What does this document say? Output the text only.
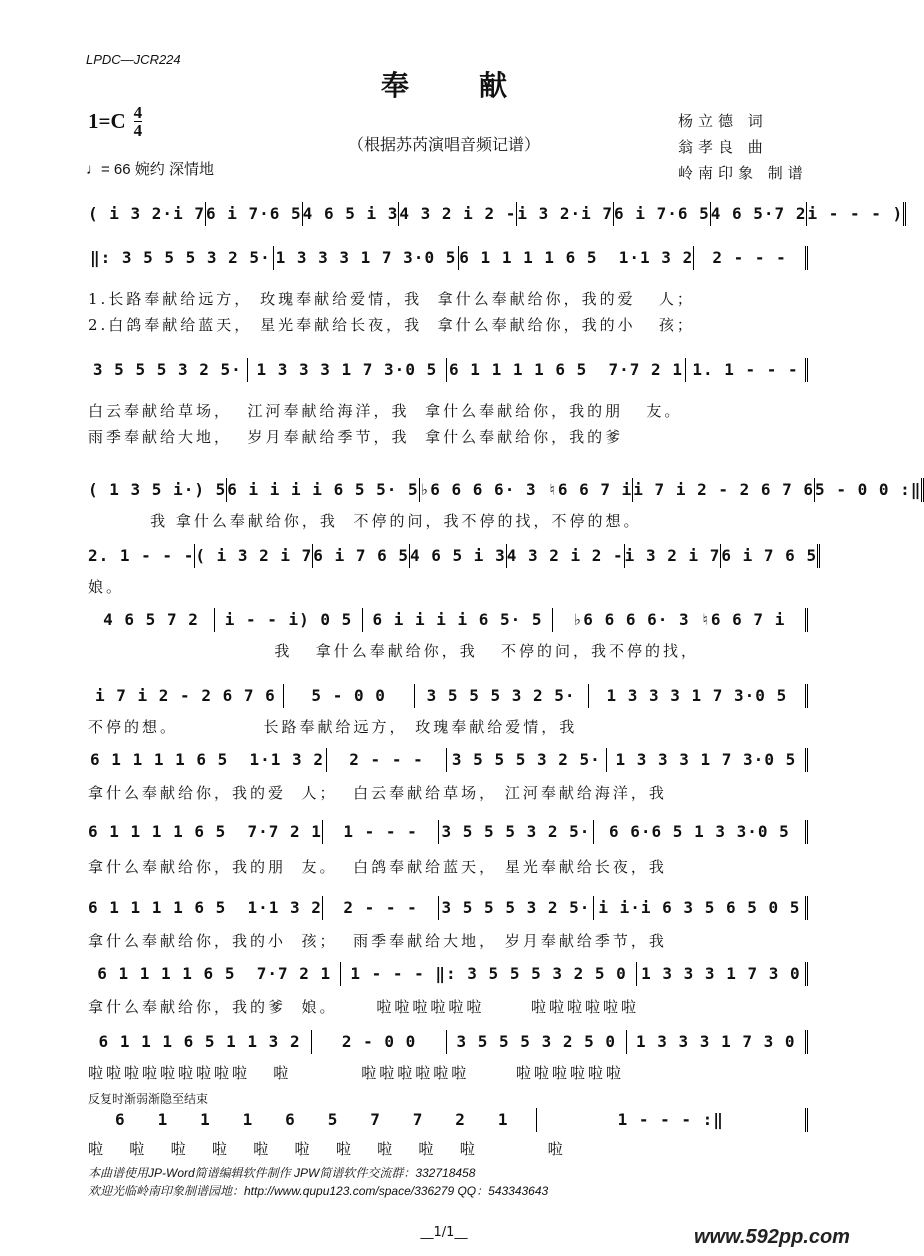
LPDC—JCR224
奉献
$1=C \frac{4}{4}$
（根据苏芮演唱音频记谱）
♩= 66 婉约 深情地
杨立德 词
翁孝良 曲
岭南印象 制谱
( i 3 2·i 7 6 i 7·6 5 4 6 5 i 3 4 3 2 i 2 - i 3 2·i 7 6 i 7·6 5 4 6 5·7 2 i - - - )
‖: 3 5 5 5 3 2 5· 1 3 3 3 1 7 3·0 5 6 1 1 1 1 6 5  1·1 3 2	2 - - -
1.长路奉献给远方， 玫瑰奉献给爱情，我  拿什么奉献给你，我的爱   人；
2.白鸽奉献给蓝天， 星光奉献给长夜，我  拿什么奉献给你，我的小   孩；
3 5 5 5 3 2 5· 1 3 3 3 1 7 3·0 5 6 1 1 1 1 6 5  7·7 2 1 1. 1 - - -
白云奉献给草场，  江河奉献给海洋，我  拿什么奉献给你，我的朋   友。
雨季奉献给大地，  岁月奉献给季节，我  拿什么奉献给你，我的爹
( 1 3 5 i·) 5 6 i i i i 6 5 5· 5 ♭6 6 6 6· 3 ♮6 6 7 i i 7 i 2 - 2 6 7 6 5 - 0 0 :‖
我 拿什么奉献给你，我  不停的问，我不停的找，不停的想。
2. 1 - - - ( i 3 2 i 7 6 i 7 6 5 4 6 5 i 3 4 3 2 i 2 - i 3 2 i 7 6 i 7 6 5
娘。
4 6 5 7 2	i - - i) 0 5	6 i i i i 6 5· 5	♭6 6 6 6· 3 ♮6 6 7 i
我   拿什么奉献给你，我   不停的问，我不停的找，
i 7 i 2 - 2 6 7 6	5 - 0 0	3 5 5 5 3 2 5·	1 3 3 3 1 7 3·0 5
不停的想。           长路奉献给远方， 玫瑰奉献给爱情，我
6 1 1 1 1 6 5  1·1 3 2	2 - - -	3 5 5 5 3 2 5· 1 3 3 3 1 7 3·0 5
拿什么奉献给你，我的爱  人；  白云奉献给草场， 江河奉献给海洋，我
6 1 1 1 1 6 5  7·7 2 1	1 - - -	3 5 5 5 3 2 5·	6 6·6 5 1 3 3·0 5
拿什么奉献给你，我的朋  友。  白鸽奉献给蓝天， 星光奉献给长夜，我
6 1 1 1 1 6 5  1·1 3 2	2 - - -	3 5 5 5 3 2 5· i i·i 6 3 5 6 5 0 5
拿什么奉献给你，我的小  孩；  雨季奉献给大地， 岁月奉献给季节，我
6 1 1 1 1 6 5  7·7 2 1	1 - - - ‖: 3 5 5 5 3 2 5 0 1 3 3 3 1 7 3 0
拿什么奉献给你，我的爹  娘。     啦啦啦啦啦啦      啦啦啦啦啦啦
6 1 1 1 6 5 1 1 3 2	2 - 0 0	3 5 5 5 3 2 5 0	1 3 3 3 1 7 3 0
啦啦啦啦啦啦啦啦啦   啦         啦啦啦啦啦啦      啦啦啦啦啦啦
反复时渐弱渐隐至结束
6   1   1   1   6   5   7   7   2   1	1 - - - :‖
啦   啦   啦   啦   啦   啦   啦   啦   啦   啦         啦
本曲谱使用JP-Word简谱编辑软件制作 JPW简谱软件交流群：332718458
欢迎光临岭南印象制谱园地：http://www.qupu123.com/space/336279 QQ：543343643
__1/1__	www.592pp.com
